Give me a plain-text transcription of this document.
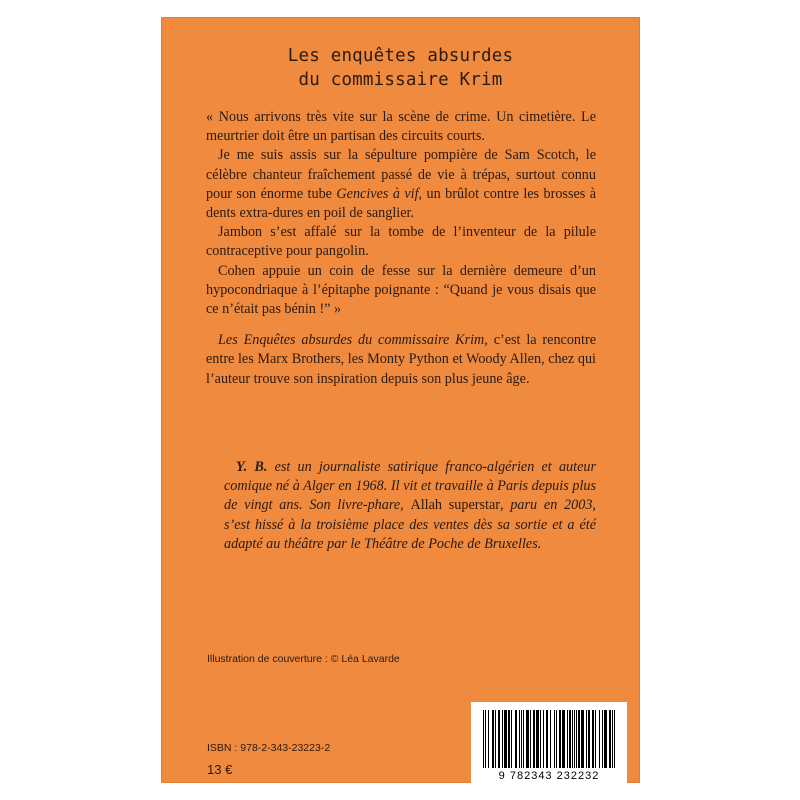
Les enquêtes absurdes
du commissaire Krim

« Nous arrivons très vite sur la scène de crime. Un cimetière. Le meurtrier doit être un partisan des circuits courts.

Je me suis assis sur la sépulture pompière de Sam Scotch, le célèbre chanteur fraîchement passé de vie à trépas, surtout connu pour son énorme tube Gencives à vif, un brûlot contre les brosses à dents extra-dures en poil de sanglier.

Jambon s’est affalé sur la tombe de l’inventeur de la pilule contraceptive pour pangolin.

Cohen appuie un coin de fesse sur la dernière demeure d’un hypocondriaque à l’épitaphe poignante : “Quand je vous disais que ce n’était pas bénin !” »

Les Enquêtes absurdes du commissaire Krim, c’est la rencontre entre les Marx Brothers, les Monty Python et Woody Allen, chez qui l’auteur trouve son inspiration depuis son plus jeune âge.

Y. B. est un journaliste satirique franco-algérien et auteur comique né à Alger en 1968. Il vit et travaille à Paris depuis plus de vingt ans. Son livre-phare, Allah superstar, paru en 2003, s’est hissé à la troisième place des ventes dès sa sortie et a été adapté au théâtre par le Théâtre de Poche de Bruxelles.

Illustration de couverture : © Léa Lavarde
ISBN : 978-2-343-23223-2
13 €	9 782343 232232
